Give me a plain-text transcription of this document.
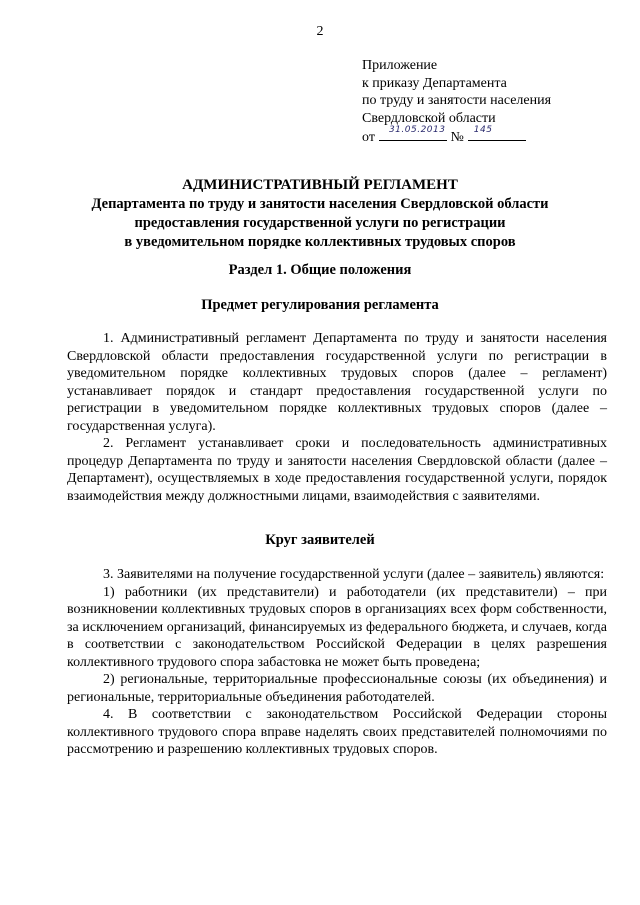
2
Приложение
к приказу Департамента
по труду и занятости населения
Свердловской области
от
31.05.2013
№
145
АДМИНИСТРАТИВНЫЙ РЕГЛАМЕНТ
Департамента по труду и занятости населения Свердловской области
предоставления государственной услуги по регистрации
в уведомительном порядке коллективных трудовых споров
Раздел 1. Общие положения
Предмет регулирования регламента

1. Административный регламент Департамента по труду и занятости населения Свердловской области предоставления государственной услуги по регистрации в уведомительном порядке коллективных трудовых споров (далее – регламент) устанавливает порядок и стандарт предоставления государственной услуги по регистрации в уведомительном порядке коллективных трудовых споров (далее – государственная услуга).

2. Регламент устанавливает сроки и последовательность административных процедур Департамента по труду и занятости населения Свердловской области (далее – Департамент), осуществляемых в ходе предоставления государственной услуги, порядок взаимодействия между должностными лицами, взаимодействия с заявителями.

Круг заявителей

3. Заявителями на получение государственной услуги (далее – заявитель) являются:

1) работники (их представители) и работодатели (их представители) – при возникновении коллективных трудовых споров в организациях всех форм собственности, за исключением организаций, финансируемых из федерального бюджета, и случаев, когда в соответствии с законодательством Российской Федерации в целях разрешения коллективного трудового спора забастовка не может быть проведена;

2) региональные, территориальные профессиональные союзы (их объединения) и региональные, территориальные объединения работодателей.

4. В соответствии с законодательством Российской Федерации стороны коллективного трудового спора вправе наделять своих представителей полномочиями по рассмотрению и разрешению коллективных трудовых споров.
